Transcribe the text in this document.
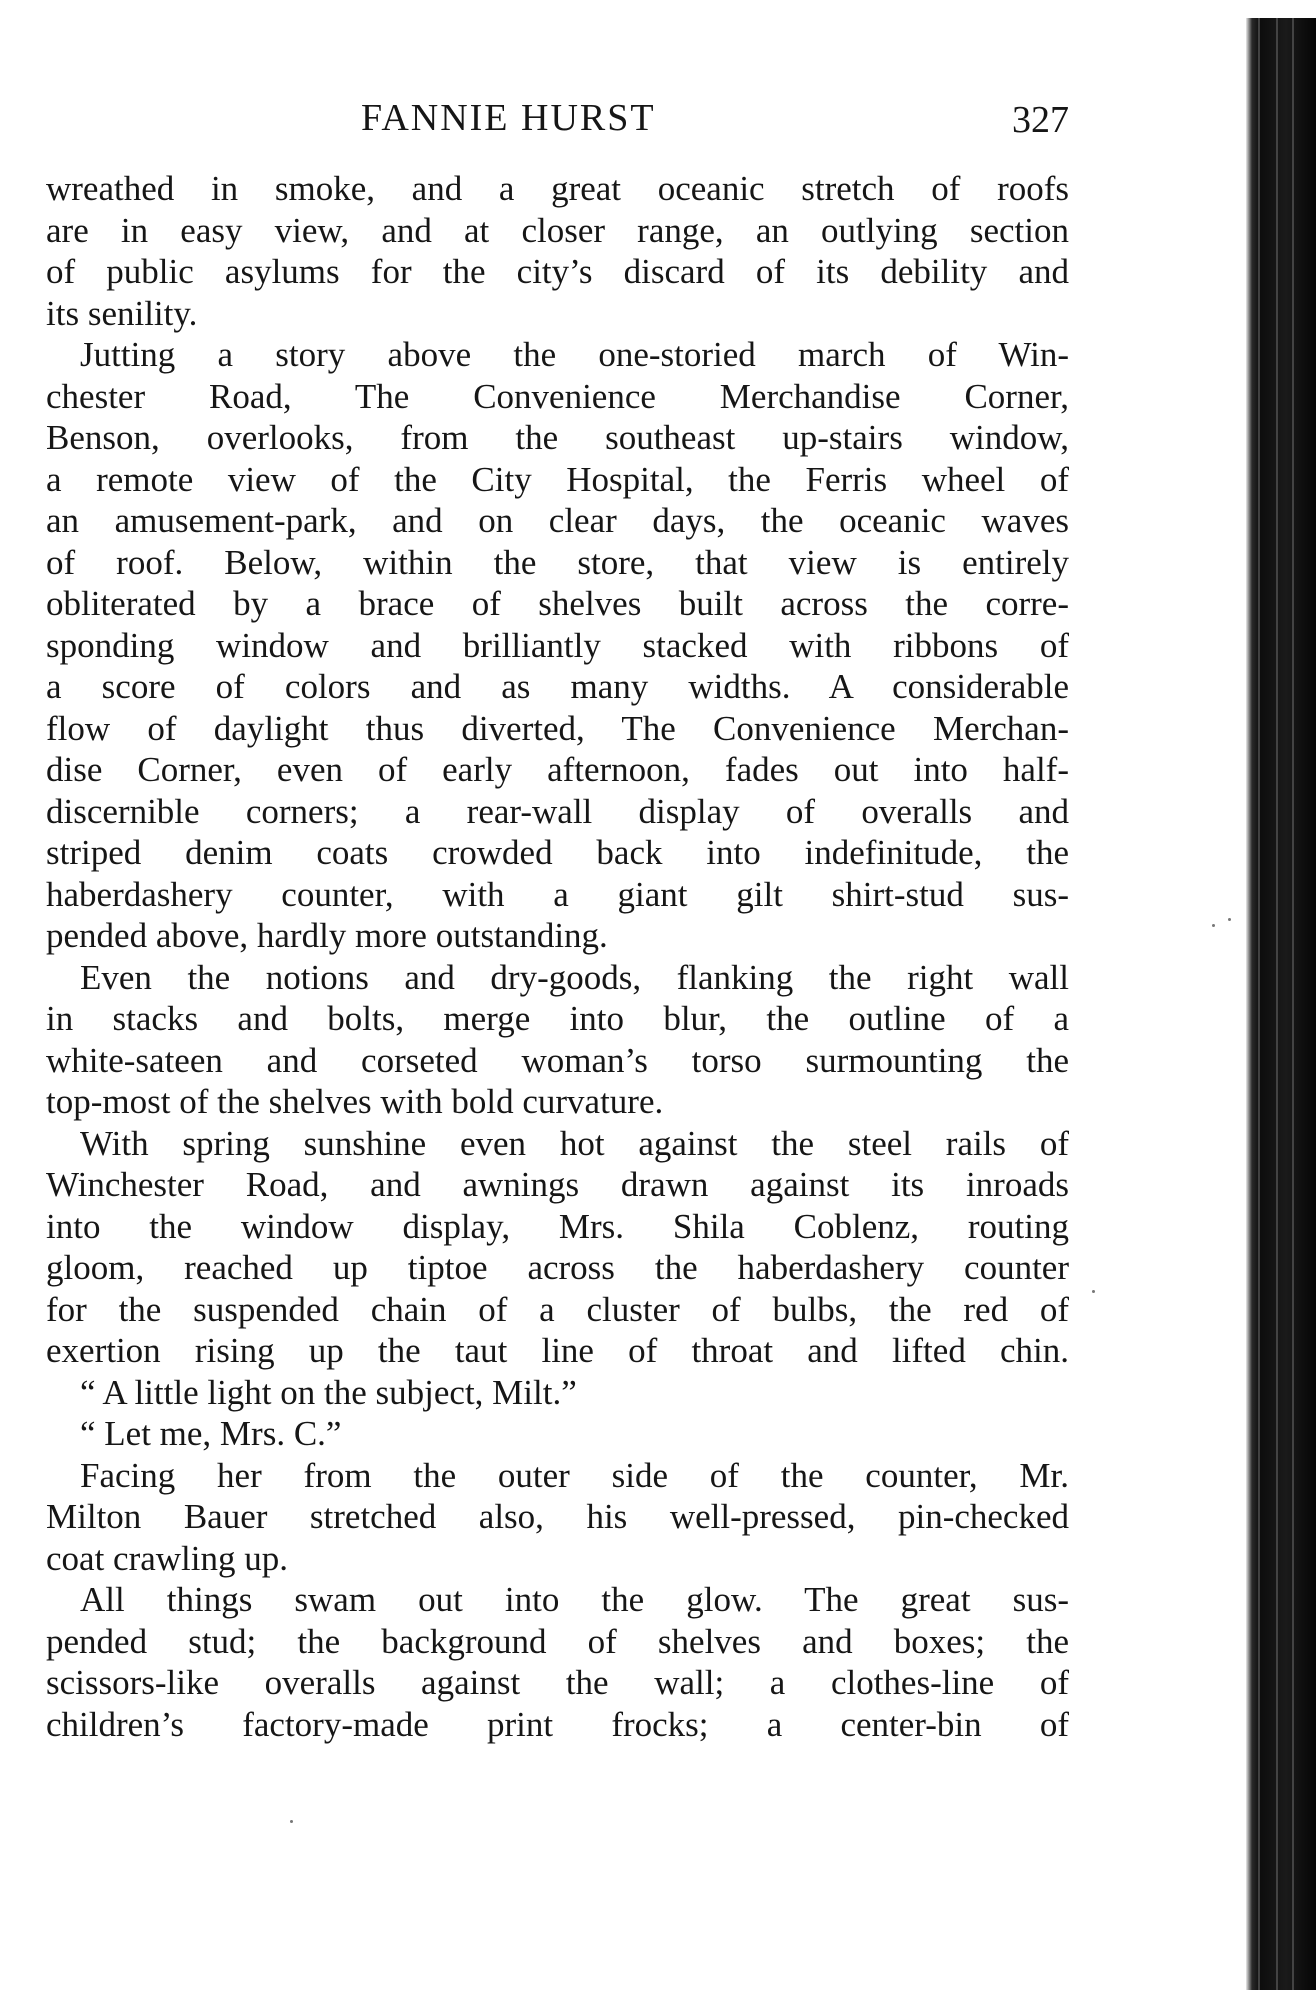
FANNIE HURST	327
wreathed in smoke, and a great oceanic stretch of roofs
are in easy view, and at closer range, an outlying section
of public asylums for the city’s discard of its debility and
its senility.
Jutting a story above the one-storied march of Win-
chester Road, The Convenience Merchandise Corner,
Benson, overlooks, from the southeast up-stairs window,
a remote view of the City Hospital, the Ferris wheel of
an amusement-park, and on clear days, the oceanic waves
of roof. Below, within the store, that view is entirely
obliterated by a brace of shelves built across the corre-
sponding window and brilliantly stacked with ribbons of
a score of colors and as many widths. A considerable
flow of daylight thus diverted, The Convenience Merchan-
dise Corner, even of early afternoon, fades out into half-
discernible corners; a rear-wall display of overalls and
striped denim coats crowded back into indefinitude, the
haberdashery counter, with a giant gilt shirt-stud sus-
pended above, hardly more outstanding.
Even the notions and dry-goods, flanking the right wall
in stacks and bolts, merge into blur, the outline of a
white-sateen and corseted woman’s torso surmounting the
top-most of the shelves with bold curvature.
With spring sunshine even hot against the steel rails of
Winchester Road, and awnings drawn against its inroads
into the window display, Mrs. Shila Coblenz, routing
gloom, reached up tiptoe across the haberdashery counter
for the suspended chain of a cluster of bulbs, the red of
exertion rising up the taut line of throat and lifted chin.
“ A little light on the subject, Milt.”
“ Let me, Mrs. C.”
Facing her from the outer side of the counter, Mr.
Milton Bauer stretched also, his well-pressed, pin-checked
coat crawling up.
All things swam out into the glow. The great sus-
pended stud; the background of shelves and boxes; the
scissors-like overalls against the wall; a clothes-line of
children’s factory-made print frocks; a center-bin of
